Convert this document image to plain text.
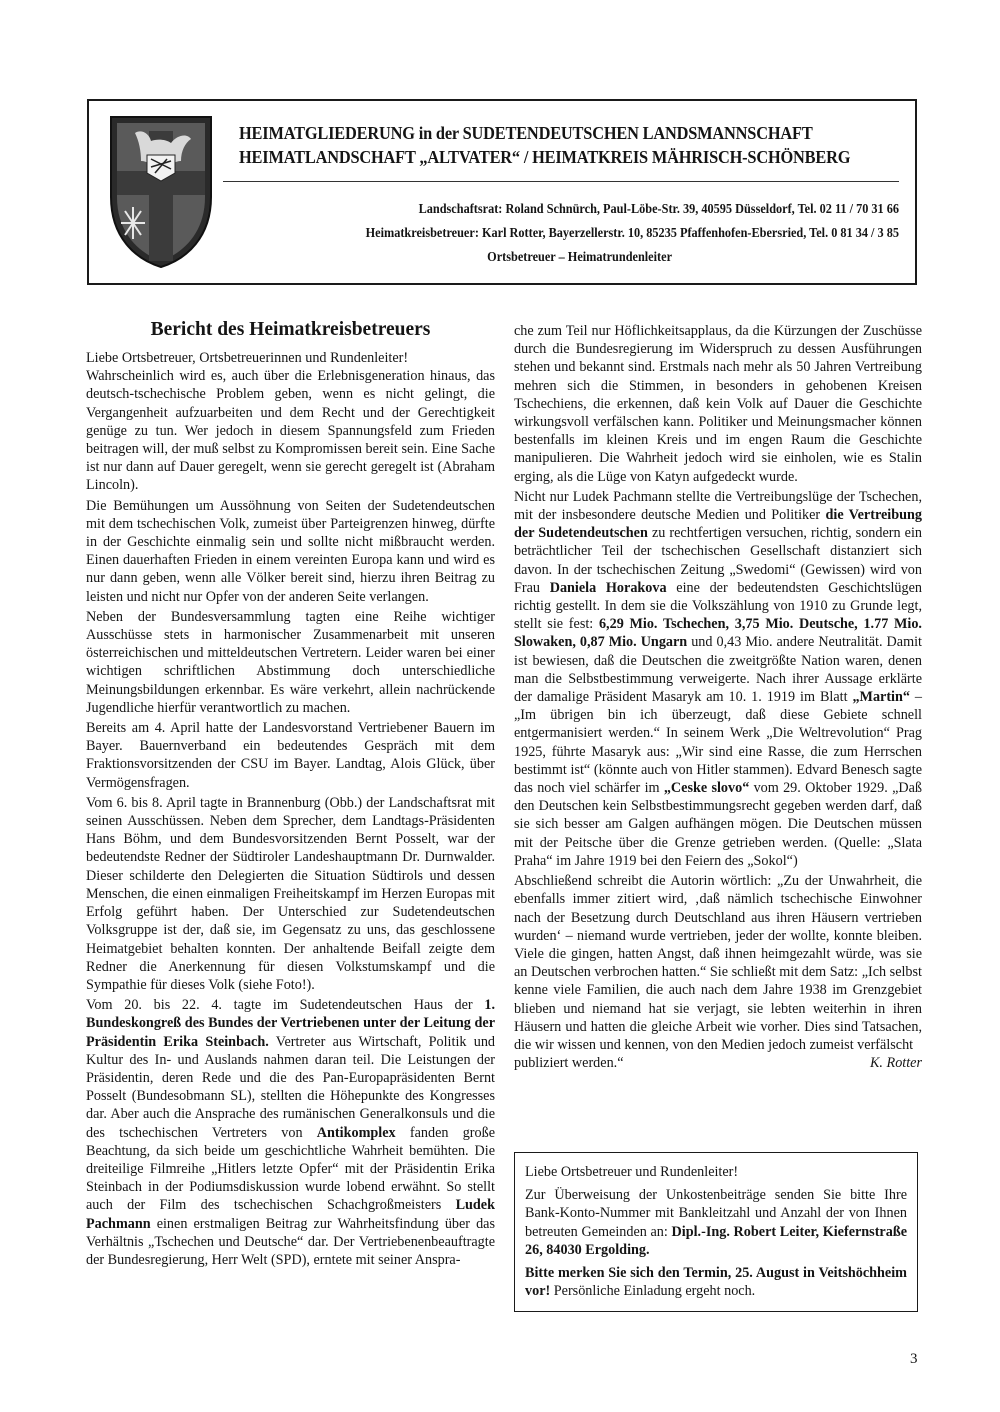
HEIMATGLIEDERUNG in der SUDETENDEUTSCHEN LANDSMANNSCHAFT
HEIMATLANDSCHAFT „ALTVATER“ / HEIMATKREIS MÄHRISCH-SCHÖNBERG
Landschaftsrat: Roland Schnürch, Paul-Löbe-Str. 39, 40595 Düsseldorf, Tel. 02 11 / 70 31 66
Heimatkreisbetreuer: Karl Rotter, Bayerzellerstr. 10, 85235 Pfaffenhofen-Ebersried, Tel. 0 81 34 / 3 85
Ortsbetreuer – Heimatrundenleiter
Bericht des Heimatkreisbetreuers

Liebe Ortsbetreuer, Ortsbetreuerinnen und Rundenleiter!

Wahrscheinlich wird es, auch über die Erlebnisgeneration hinaus, das deutsch-tschechische Problem geben, wenn es nicht gelingt, die Vergangenheit aufzuarbeiten und dem Recht und der Gerechtigkeit genüge zu tun. Wer jedoch in diesem Spannungsfeld zum Frieden beitragen will, der muß selbst zu Kompromissen bereit sein. Eine Sache ist nur dann auf Dauer geregelt, wenn sie gerecht geregelt ist (Abraham Lincoln).

Die Bemühungen um Aussöhnung von Seiten der Sudetendeutschen mit dem tschechischen Volk, zumeist über Parteigrenzen hinweg, dürfte in der Geschichte einmalig sein und sollte nicht mißbraucht werden. Einen dauerhaften Frieden in einem vereinten Europa kann und wird es nur dann geben, wenn alle Völker bereit sind, hierzu ihren Beitrag zu leisten und nicht nur Opfer von der anderen Seite verlangen.

Neben der Bundesversammlung tagten eine Reihe wichtiger Ausschüsse stets in harmonischer Zusammenarbeit mit unseren österreichischen und mitteldeutschen Vertretern. Leider waren bei einer wichtigen schriftlichen Abstimmung doch unterschiedliche Meinungsbildungen erkennbar. Es wäre verkehrt, allein nachrückende Jugendliche hierfür verantwortlich zu machen.

Bereits am 4. April hatte der Landesvorstand Vertriebener Bauern im Bayer. Bauernverband ein bedeutendes Gespräch mit dem Fraktionsvorsitzenden der CSU im Bayer. Landtag, Alois Glück, über Vermögensfragen.

Vom 6. bis 8. April tagte in Brannenburg (Obb.) der Landschaftsrat mit seinen Ausschüssen. Neben dem Sprecher, dem Landtags-Präsidenten Hans Böhm, und dem Bundesvorsitzenden Bernt Posselt, war der bedeutendste Redner der Südtiroler Landeshauptmann Dr. Durnwalder. Dieser schilderte den Delegierten die Situation Südtirols und dessen Menschen, die einen einmaligen Freiheitskampf im Herzen Europas mit Erfolg geführt haben. Der Unterschied zur Sudetendeutschen Volksgruppe ist der, daß sie, im Gegensatz zu uns, das geschlossene Heimatgebiet behalten konnten. Der anhaltende Beifall zeigte dem Redner die Anerkennung für diesen Volkstumskampf und die Sympathie für dieses Volk (siehe Foto!).

Vom 20. bis 22. 4. tagte im Sudetendeutschen Haus der 1. Bundeskongreß des Bundes der Vertriebenen unter der Leitung der Präsidentin Erika Steinbach. Vertreter aus Wirtschaft, Politik und Kultur des In- und Auslands nahmen daran teil. Die Leistungen der Präsidentin, deren Rede und die des Pan-Europapräsidenten Bernt Posselt (Bundesobmann SL), stellten die Höhepunkte des Kongresses dar. Aber auch die Ansprache des rumänischen Generalkonsuls und die des tschechischen Vertreters von Antikomplex fanden große Beachtung, da sich beide um geschichtliche Wahrheit bemühten. Die dreiteilige Filmreihe „Hitlers letzte Opfer“ mit der Präsidentin Erika Steinbach in der Podiumsdiskussion wurde lobend erwähnt. So stellt auch der Film des tschechischen Schachgroßmeisters Ludek Pachmann einen erstmaligen Beitrag zur Wahrheitsfindung über das Verhältnis „Tschechen und Deutsche“ dar. Der Vertriebenenbeauftragte der Bundesregierung, Herr Welt (SPD), erntete mit seiner Anspra-

che zum Teil nur Höflichkeitsapplaus, da die Kürzungen der Zuschüsse durch die Bundesregierung im Widerspruch zu dessen Ausführungen stehen und bekannt sind. Erstmals nach mehr als 50 Jahren Vertreibung mehren sich die Stimmen, in besonders in gehobenen Kreisen Tschechiens, die erkennen, daß kein Volk auf Dauer die Geschichte wirkungsvoll verfälschen kann. Politiker und Meinungsmacher können bestenfalls im kleinen Kreis und im engen Raum die Geschichte manipulieren. Die Wahrheit jedoch wird sie einholen, wie es Stalin erging, als die Lüge von Katyn aufgedeckt wurde.

Nicht nur Ludek Pachmann stellte die Vertreibungslüge der Tschechen, mit der insbesondere deutsche Medien und Politiker die Vertreibung der Sudetendeutschen zu rechtfertigen versuchen, richtig, sondern ein beträchtlicher Teil der tschechischen Gesellschaft distanziert sich davon. In der tschechischen Zeitung „Swedomi“ (Gewissen) wird von Frau Daniela Horakova eine der bedeutendsten Geschichtslügen richtig gestellt. In dem sie die Volkszählung von 1910 zu Grunde legt, stellt sie fest: 6,29 Mio. Tschechen, 3,75 Mio. Deutsche, 1.77 Mio. Slowaken, 0,87 Mio. Ungarn und 0,43 Mio. andere Neutralität. Damit ist bewiesen, daß die Deutschen die zweitgrößte Nation waren, denen man die Selbstbestimmung verweigerte. Nach ihrer Aussage erklärte der damalige Präsident Masaryk am 10. 1. 1919 im Blatt „Martin“ – „Im übrigen bin ich überzeugt, daß diese Gebiete schnell entgermanisiert werden.“ In seinem Werk „Die Weltrevolution“ Prag 1925, führte Masaryk aus: „Wir sind eine Rasse, die zum Herrschen bestimmt ist“ (könnte auch von Hitler stammen). Edvard Benesch sagte das noch viel schärfer im „Ceske slovo“ vom 29. Oktober 1929. „Daß den Deutschen kein Selbstbestimmungsrecht gegeben werden darf, daß sie sich besser am Galgen aufhängen mögen. Die Deutschen müssen mit der Peitsche über die Grenze getrieben werden. (Quelle: „Slata Praha“ im Jahre 1919 bei den Feiern des „Sokol“)

Abschließend schreibt die Autorin wörtlich: „Zu der Unwahrheit, die ebenfalls immer zitiert wird, ‚daß nämlich tschechische Einwohner nach der Besetzung durch Deutschland aus ihren Häusern vertrieben wurden‘ – niemand wurde vertrieben, jeder der wollte, konnte bleiben. Viele die gingen, hatten Angst, daß ihnen heimgezahlt würde, was sie an Deutschen verbrochen hatten.“ Sie schließt mit dem Satz: „Ich selbst kenne viele Familien, die auch nach dem Jahre 1938 im Grenzgebiet blieben und niemand hat sie verjagt, sie lebten weiterhin in ihren Häusern und hatten die gleiche Arbeit wie vorher. Dies sind Tatsachen, die wir wissen und kennen, von den Medien jedoch zumeist verfälscht

publiziert werden.“	K. Rotter

Liebe Ortsbetreuer und Rundenleiter!

Zur Überweisung der Unkostenbeiträge senden Sie bitte Ihre Bank-Konto-Nummer mit Bankleitzahl und Anzahl der von Ihnen betreuten Gemeinden an: Dipl.-Ing. Robert Leiter, Kiefernstraße 26, 84030 Ergolding.

Bitte merken Sie sich den Termin, 25. August in Veitshöchheim vor! Persönliche Einladung ergeht noch.

3
